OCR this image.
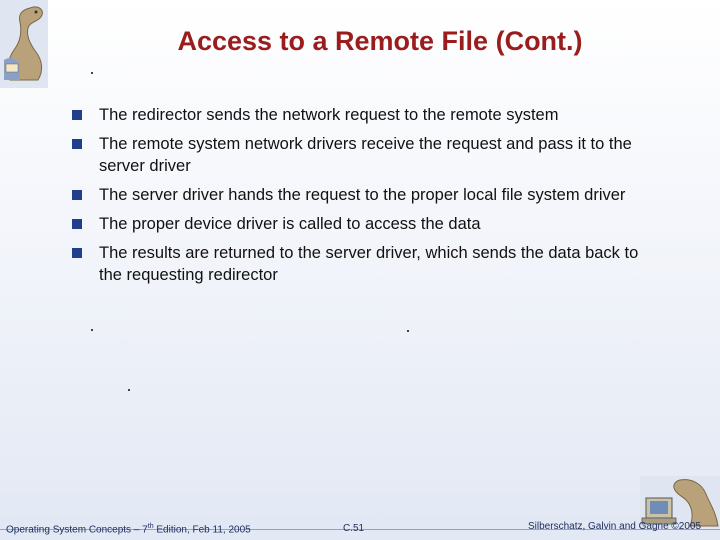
Access to a Remote File (Cont.)
The redirector sends the network request to the remote system
The remote system network drivers receive the request and pass it to the server driver
The server driver hands the request to the proper local file system driver
The proper device driver is called to access the data
The results are returned to the server driver, which sends the data back to the requesting redirector
Operating System Concepts – 7th Edition, Feb 11, 2005	C.51	Silberschatz, Galvin and Gagne ©2005
